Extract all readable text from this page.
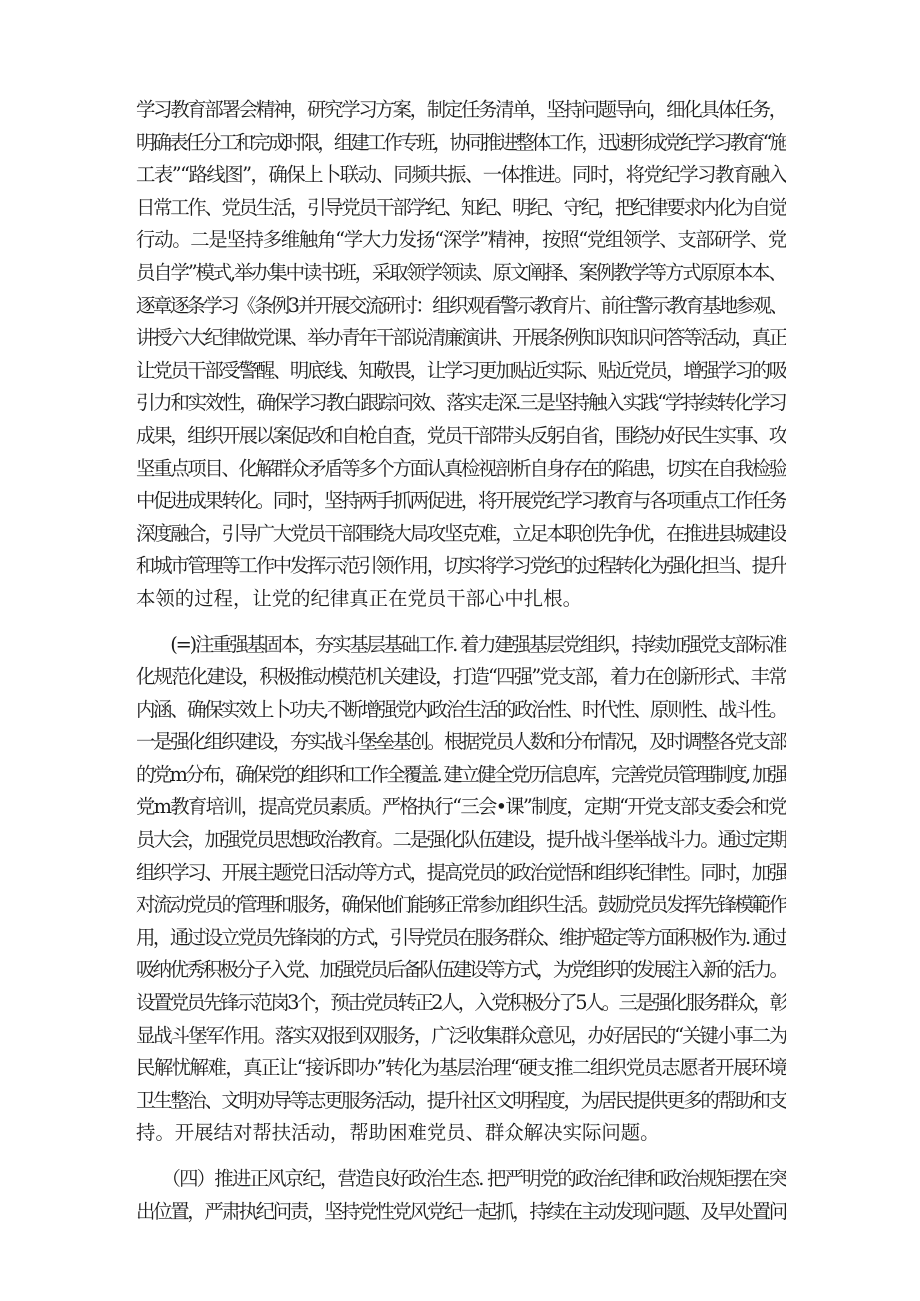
学习教育部署会精神，研究学习方案，制定任务清单，坚持问题导向，细化具体任务，
明确表任分工和完成时限，组建工作专班，协同推进整体工作，迅速形成党纪学习教育“施
工表”“路线图”，确保上卜联动、同频共振、一体推进。同时，将党纪学习教育融入
日常工作、党员生活，引导党员干部学纪、知纪、明纪、守纪，把纪律要求内化为自觉
行动。二是坚持多维触角“学大力发扬“深学”精神，按照“党组领学、支部研学、党
员自学”模式,举办集中读书班，采取领学领读、原文阐择、案例教学等方式原原本本、
逐章逐条学习《条例3并开展交流研讨：组织观看警示教育片、前往警示教育基地参观、
讲授六大纪律做党课、举办青年干部说清廉演讲、开展条例知识知识问答等活动，真正
让党员干部受警醒、明底线、知敬畏，让学习更加贴近实际、贴近党员，增强学习的吸
引力和实效性，确保学习教白跟踪问效、落实走深.三是坚持触入实践“学持续转化学习
成果，组织开展以案促改和自枪自査，党员干部带头反躬自省，围绕办好民生实事、攻
坚重点项目、化解群众矛盾等多个方面认真检视剖析自身存在的陷患，切实在自我检验
中促进成果转化。同时，坚持两手抓两促进，将开展党纪学习教育与各项重点工作任务
深度融合，引导广大党员干部围绕大局攻坚克难，立足本职创先争优，在推进县城建设
和城市管理等工作中发挥示范引领作用，切实将学习党纪的过程转化为强化担当、提升
本领的过程，让党的纪律真正在党员干部心中扎根。
　　(=)注重强基固本，夯实基层基础工作. 着力建强基层党组织，持续加强党支部标准
化规范化建设，积极推动模范机关建设，打造“四强”党支部，着力在创新形式、丰常
内涵、确保实效上卜功夫,不断增强党内政治生活的政治性、时代性、原则性、战斗性。
一是强化组织建设，夯实战斗堡垒基创。根据党员人数和分布情况，及时调整各党支部
的党m分布，确保党的组织和工作全覆盖. 建立健全党历信息库，完善党员管理制度, 加强
党m教育培训，提高党员素质。严格执行“三会•课”制度，定期“开党支部支委会和党
员大会，加强党员思想政治教育。二是强化队伍建设，提升战斗堡举战斗力。通过定期
组织学习、开展主题党日活动等方式，提高党员的政治觉悟和组织纪律性。同时，加强
对流动党员的管理和服务，确保他们能够正常参加组织生活。鼓励党员发挥先锋模範作
用，通过设立党员先锋岗的方式，引导党员在服务群众、维护超定等方面积极作为. 通过
吸纳优秀积极分子入党、加强党员后备队伍建设等方式，为党组织的发展注入新的活力。
设置党员先锋示范岗3个，预击党员转正2人，入党积极分了5人。三是强化服务群众，彰
显战斗堡军作用。落实双报到双服务，广泛收集群众意见，办好居民的“关键小事二为
民解忧解难，真正让“接诉即办”转化为基层治理“硬支推二组织党员志愿者开展环境
卫生整治、文明劝导等志更服务活动，提升社区文明程度，为居民提供更多的帮助和支
持。开展结对帮扶活动，帮助困难党员、群众解决实际问题。
　　（四）推进正风京纪，营造良好政治生态. 把严明党的政治纪律和政治规矩摆在突
出位置，严肃执纪问责，坚持党性党风党纪一起抓，持续在主动发现问题、及早处置问
